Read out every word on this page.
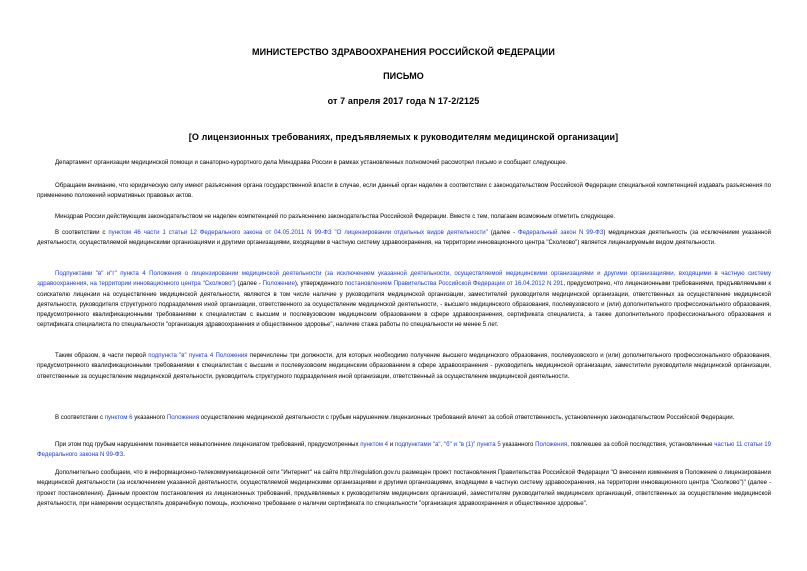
МИНИСТЕРСТВО ЗДРАВООХРАНЕНИЯ РОССИЙСКОЙ ФЕДЕРАЦИИ
ПИСЬМО
от 7 апреля 2017 года N 17-2/2125
[О лицензионных требованиях, предъявляемых к руководителям медицинской организации]
Департамент организации медицинской помощи и санаторно-курортного дела Минздрава России в рамках установленных полномочий рассмотрел письмо и сообщает следующее.
Обращаем внимание, что юридическую силу имеют разъяснения органа государственной власти в случае, если данный орган наделен в соответствии с законодательством Российской Федерации специальной компетенцией издавать разъяснения по применению положений нормативных правовых актов.
Минздрав России действующим законодательством не наделен компетенцией по разъяснению законодательства Российской Федерации. Вместе с тем, полагаем возможным отметить следующее.
В соответствии с пунктом 46 части 1 статьи 12 Федерального закона от 04.05.2011 N 99-ФЗ "О лицензировании отдельных видов деятельности" (далее - Федеральный закон N 99-ФЗ) медицинская деятельность (за исключением указанной деятельности, осуществляемой медицинскими организациями и другими организациями, входящими в частную систему здравоохранения, на территории инновационного центра "Сколково") является лицензируемым видом деятельности.
Подпунктами "в" и"г" пункта 4 Положения о лицензировании медицинской деятельности (за исключением указанной деятельности, осуществляемой медицинскими организациями и другими организациями, входящими в частную систему здравоохранения, на территории инновационного центра "Сколково") (далее - Положение), утвержденного постановлением Правительства Российской Федерации от 16.04.2012 N 291, предусмотрено, что лицензионными требованиями, предъявляемыми к соискателю лицензии на осуществление медицинской деятельности, являются в том числе наличие у руководителя медицинской организации, заместителей руководителя медицинской организации, ответственных за осуществление медицинской деятельности, руководителя структурного подразделения иной организации, ответственного за осуществление медицинской деятельности, - высшего медицинского образования, послевузовского и (или) дополнительного профессионального образования, предусмотренного квалификационными требованиями к специалистам с высшим и послевузовским медицинским образованием в сфере здравоохранения, сертификата специалиста, а также дополнительного профессионального образования и сертификата специалиста по специальности "организация здравоохранения и общественное здоровье", наличие стажа работы по специальности не менее 5 лет.
Таким образом, в части первой подпункта "в" пункта 4 Положения перечислены три должности, для которых необходимо получение высшего медицинского образования, послевузовского и (или) дополнительного профессионального образования, предусмотренного квалификационными требованиями к специалистам с высшим и послевузовским медицинским образованием в сфере здравоохранения - руководитель медицинской организации, заместители руководителя медицинской организации, ответственные за осуществление медицинской деятельности, руководитель структурного подразделения иной организации, ответственный за осуществление медицинской деятельности.
В соответствии с пунктом 6 указанного Положения осуществление медицинской деятельности с грубым нарушением лицензионных требований влечет за собой ответственность, установленную законодательством Российской Федерации.
При этом под грубым нарушением понимается невыполнение лицензиатом требований, предусмотренных пунктом 4 и подпунктами "а", "б" и "в (1)" пункта 5 указанного Положения, повлекшее за собой последствия, установленные частью 11 статьи 19 Федерального закона N 99-ФЗ.
Дополнительно сообщаем, что в информационно-телекоммуникационной сети "Интернет" на сайте http://regulation.gov.ru размещен проект постановления Правительства Российской Федерации "О внесении изменения в Положение о лицензировании медицинской деятельности (за исключением указанной деятельности, осуществляемой медицинскими организациями и другими организациями, входящими в частную систему здравоохранения, на территории инновационного центра "Сколково")" (далее - проект постановления). Данным проектом постановления из лицензионных требований, предъявляемых к руководителям медицинских организаций, заместителям руководителей медицинских организаций, ответственных за осуществление медицинской деятельности, при намерении осуществлять доврачебную помощь, исключено требование о наличии сертификата по специальности "организация здравоохранения и общественное здоровье".
